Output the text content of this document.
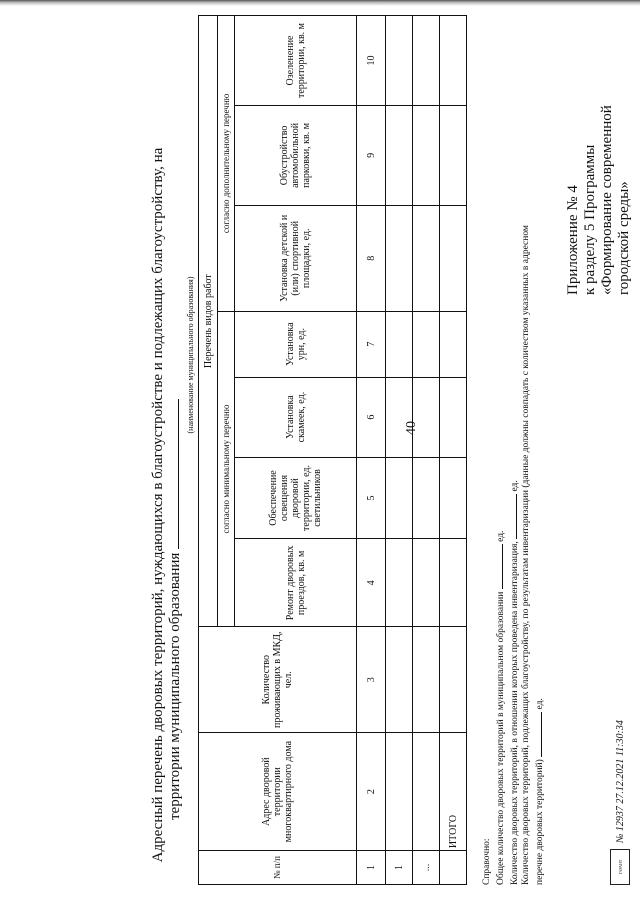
40
Приложение № 4 к разделу 5 Программы «Формирование современной городской среды»
Адресный перечень дворовых территорий, нуждающихся в благоустройстве и подлежащих благоустройству, на территории муниципального образования
(наименование муниципального образования)
№ п/п	Адрес дворовой территории многоквартирного дома	Количество проживающих в МКД, чел.	Перечень видов работ						
			согласно минимальному перечню				согласно дополнительному перечню		
			Ремонт дворовых проездов, кв. м	Обеспечение освещения дворовой территории, ед. светильников	Установка скамеек, ед.	Установка урн, ед.	Установка детской и (или) спортивной площадки, ед.	Обустройство автомобильной парковки, кв. м	Озеленение территории, кв. м
1	2	3	4	5	6	7	8	9	10
1									
...									
	ИТОГО								
Справочно: Общее количество дворовых территорий в муниципальном образовании  ед.
Количество дворовых территорий, в отношении которых проведена инвентаризация,  ед. Количество дворовых территорий, подлежащих благоустройству, по результатам инвентаризации (данные должны совпадать с количеством указанных в адресном перечне дворовых территорий)  ед.
ГАРАНТ
№ 12937 27.12.2021 11:30:34
